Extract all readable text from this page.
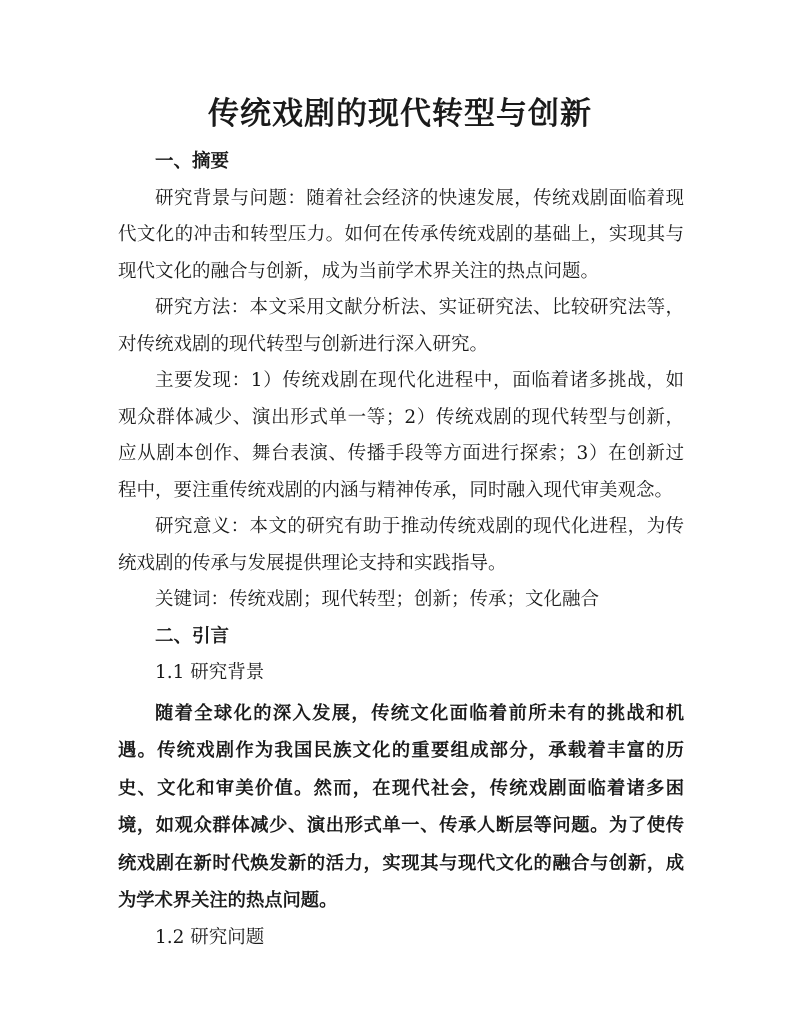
传统戏剧的现代转型与创新

一、摘要

研究背景与问题：随着社会经济的快速发展，传统戏剧面临着现代文化的冲击和转型压力。如何在传承传统戏剧的基础上，实现其与现代文化的融合与创新，成为当前学术界关注的热点问题。

研究方法：本文采用文献分析法、实证研究法、比较研究法等，对传统戏剧的现代转型与创新进行深入研究。

主要发现：1）传统戏剧在现代化进程中，面临着诸多挑战，如观众群体减少、演出形式单一等；2）传统戏剧的现代转型与创新，应从剧本创作、舞台表演、传播手段等方面进行探索；3）在创新过程中，要注重传统戏剧的内涵与精神传承，同时融入现代审美观念。

研究意义：本文的研究有助于推动传统戏剧的现代化进程，为传统戏剧的传承与发展提供理论支持和实践指导。

关键词：传统戏剧；现代转型；创新；传承；文化融合

二、引言

1.1 研究背景

随着全球化的深入发展，传统文化面临着前所未有的挑战和机遇。传统戏剧作为我国民族文化的重要组成部分，承载着丰富的历史、文化和审美价值。然而，在现代社会，传统戏剧面临着诸多困境，如观众群体减少、演出形式单一、传承人断层等问题。为了使传统戏剧在新时代焕发新的活力，实现其与现代文化的融合与创新，成为学术界关注的热点问题。

1.2 研究问题
